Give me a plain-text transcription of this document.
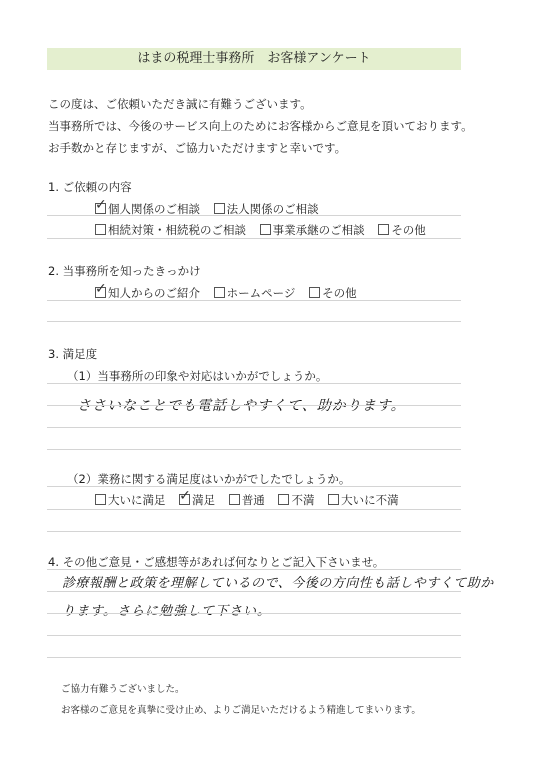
はまの税理士事務所　お客様アンケート
この度は、ご依頼いただき誠に有難うございます。
当事務所では、今後のサービス向上のためにお客様からご意見を頂いております。
お手数かと存じますが、ご協力いただけますと幸いです。
1. ご依頼の内容
✓ 個人関係のご相談 法人関係のご相談
相続対策・相続税のご相談 事業承継のご相談 その他
2. 当事務所を知ったきっかけ
✓ 知人からのご紹介 ホームページ その他
3. 満足度
（1）当事務所の印象や対応はいかがでしょうか。
ささいなことでも電話しやすくて、助かります。
（2）業務に関する満足度はいかがでしたでしょうか。
大いに満足 ✓ 満足 普通 不満 大いに不満
4. その他ご意見・ご感想等があれば何なりとご記入下さいませ。
診療報酬と政策を理解しているので、今後の方向性も話しやすくて助か
ります。さらに勉強して下さい。
ご協力有難うございました。
お客様のご意見を真摯に受け止め、よりご満足いただけるよう精進してまいります。
